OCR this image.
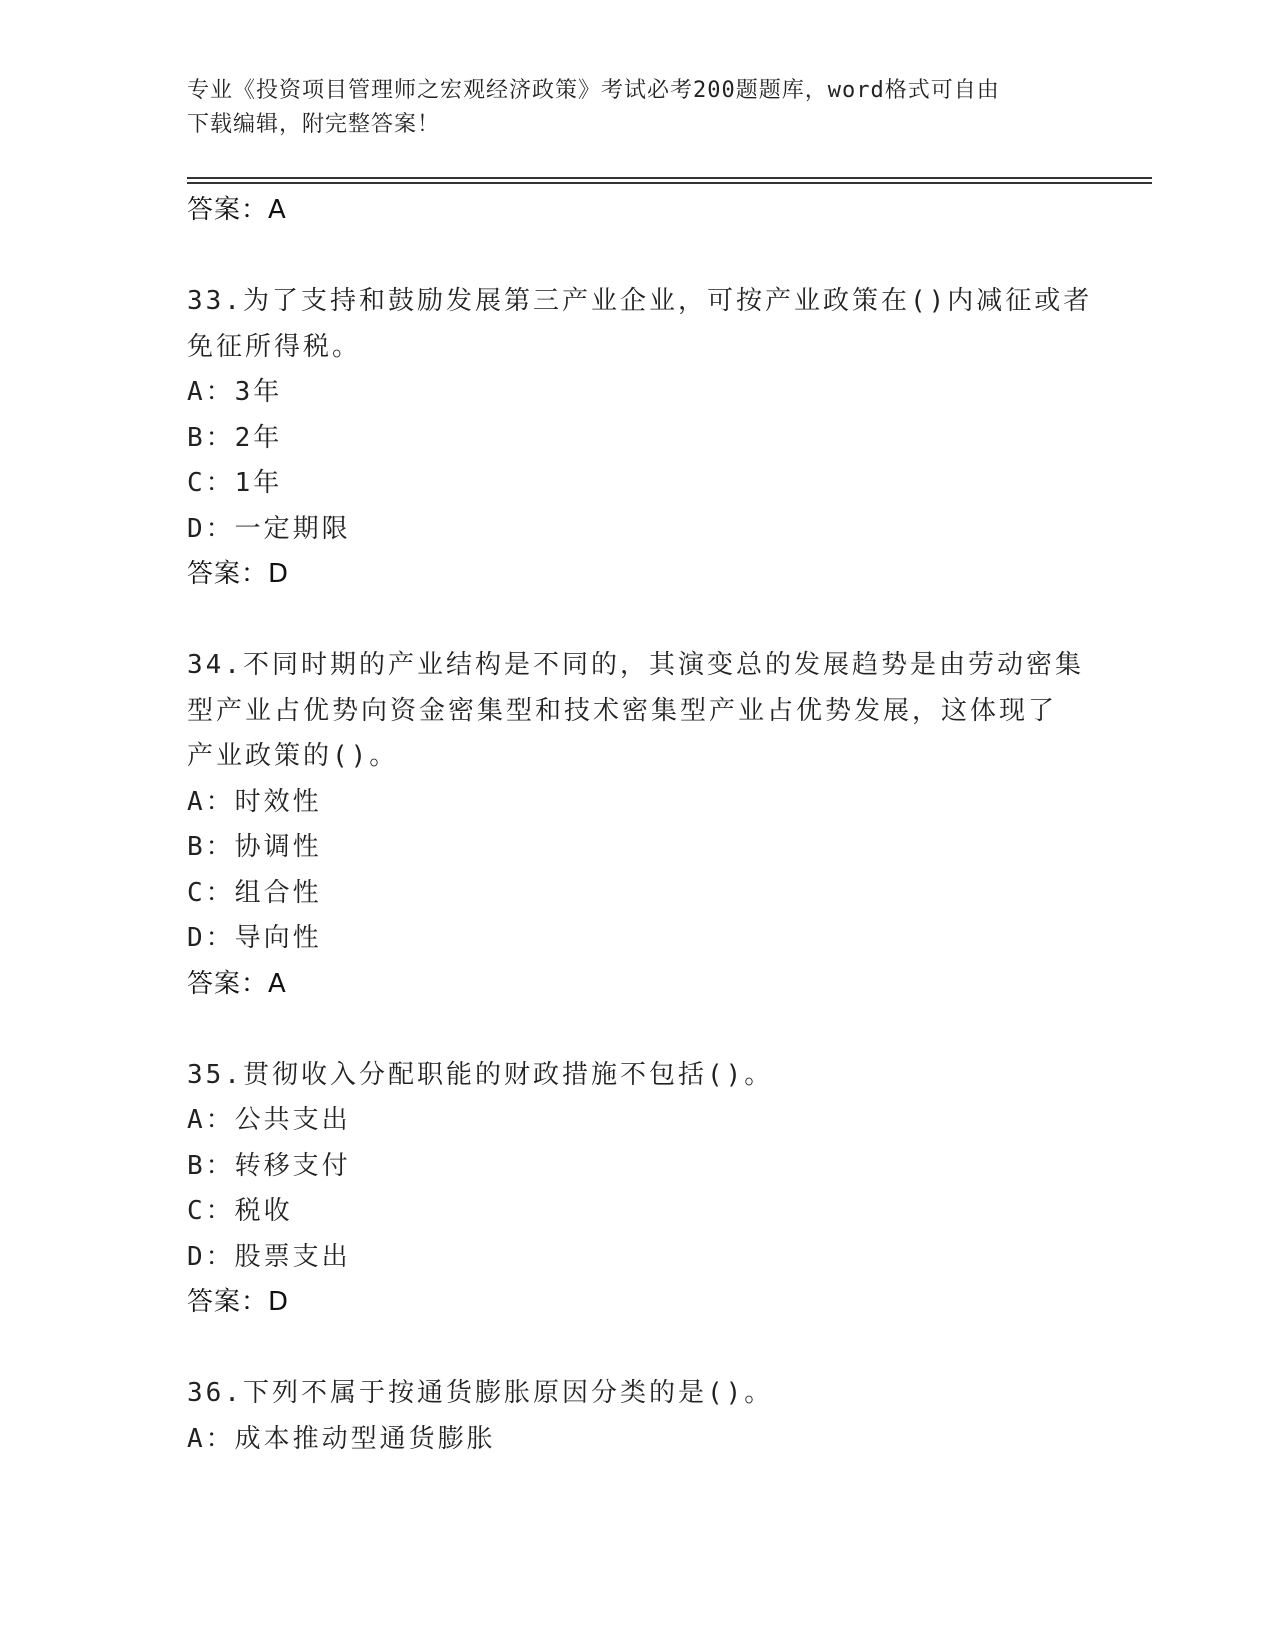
专业《投资项目管理师之宏观经济政策》考试必考200题题库，word格式可自由
下载编辑，附完整答案！
答案：A
33.为了支持和鼓励发展第三产业企业，可按产业政策在()内减征或者
免征所得税。
A：3年
B：2年
C：1年
D：一定期限
答案：D
34.不同时期的产业结构是不同的，其演变总的发展趋势是由劳动密集
型产业占优势向资金密集型和技术密集型产业占优势发展，这体现了
产业政策的()。
A：时效性
B：协调性
C：组合性
D：导向性
答案：A
35.贯彻收入分配职能的财政措施不包括()。
A：公共支出
B：转移支付
C：税收
D：股票支出
答案：D
36.下列不属于按通货膨胀原因分类的是()。
A：成本推动型通货膨胀
